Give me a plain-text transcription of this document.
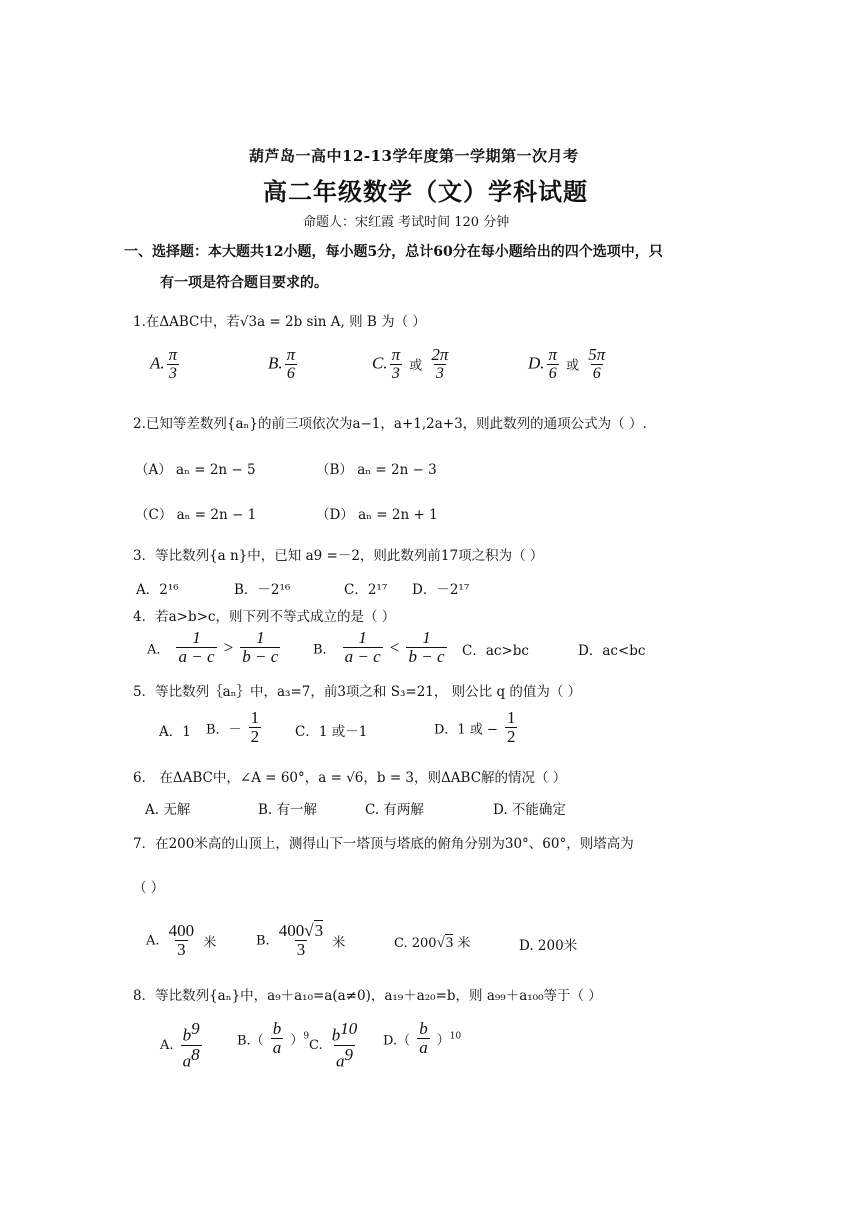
葫芦岛一高中12-13学年度第一学期第一次月考
高二年级数学（文）学科试题
命题人：宋红霞 考试时间 120 分钟
一、选择题：本大题共12小题，每小题5分，总计60分在每小题给出的四个选项中，只
有一项是符合题目要求的。
1.在ΔABC中，若√3a = 2b sin A, 则 B 为（ ）
A. $\frac{\pi}{3}$	B. $\frac{\pi}{6}$	C. $\frac{\pi}{3}$ 或 $\frac{2\pi}{3}$	D. $\frac{\pi}{6}$ 或 $\frac{5\pi}{6}$
2.已知等差数列{aₙ}的前三项依次为a−1，a+1,2a+3，则此数列的通项公式为（ ）.
（A） aₙ = 2n − 5	（B） aₙ = 2n − 3
（C） aₙ = 2n − 1	（D） aₙ = 2n + 1
3．等比数列{a n}中，已知 a9 =－2，则此数列前17项之积为（ ）
A．2¹⁶	B．－2¹⁶	C．2¹⁷ D．－2¹⁷
4．若a>b>c，则下列不等式成立的是（ ）
A． $\frac{1}{a - c} > \frac{1}{b - c}$	B． $\frac{1}{a - c} < \frac{1}{b - c}$ C．ac>bc	D．ac<bc
5．等比数列｛aₙ｝中，a₃=7，前3项之和 S₃=21， 则公比 q 的值为（ ）
A．1 B．－ $\frac{1}{2}$	C．1 或－1	D．1 或 − $\frac{1}{2}$
6． 在ΔABC中，∠A = 60°，a = √6，b = 3，则ΔABC解的情况（ ）
A. 无解	B. 有一解	C. 有两解	D. 不能确定
7．在200米高的山顶上，测得山下一塔顶与塔底的俯角分别为30°、60°，则塔高为
（ ）
A. $\frac{400}{3}$ 米	B. $\frac{400√3}{3}$ 米	C. 200√3 米	D. 200米
8．等比数列{aₙ}中，a₉＋a₁₀=a(a≠0)，a₁₉＋a₂₀=b，则 a₉₉＋a₁₀₀等于（ ）
A. $\frac{b^9}{a^8}$	$B.( \frac{b}{a} )^9$
C. $\frac{b^{10}}{a^9} D.( \frac{b}{a} )^{10}$
